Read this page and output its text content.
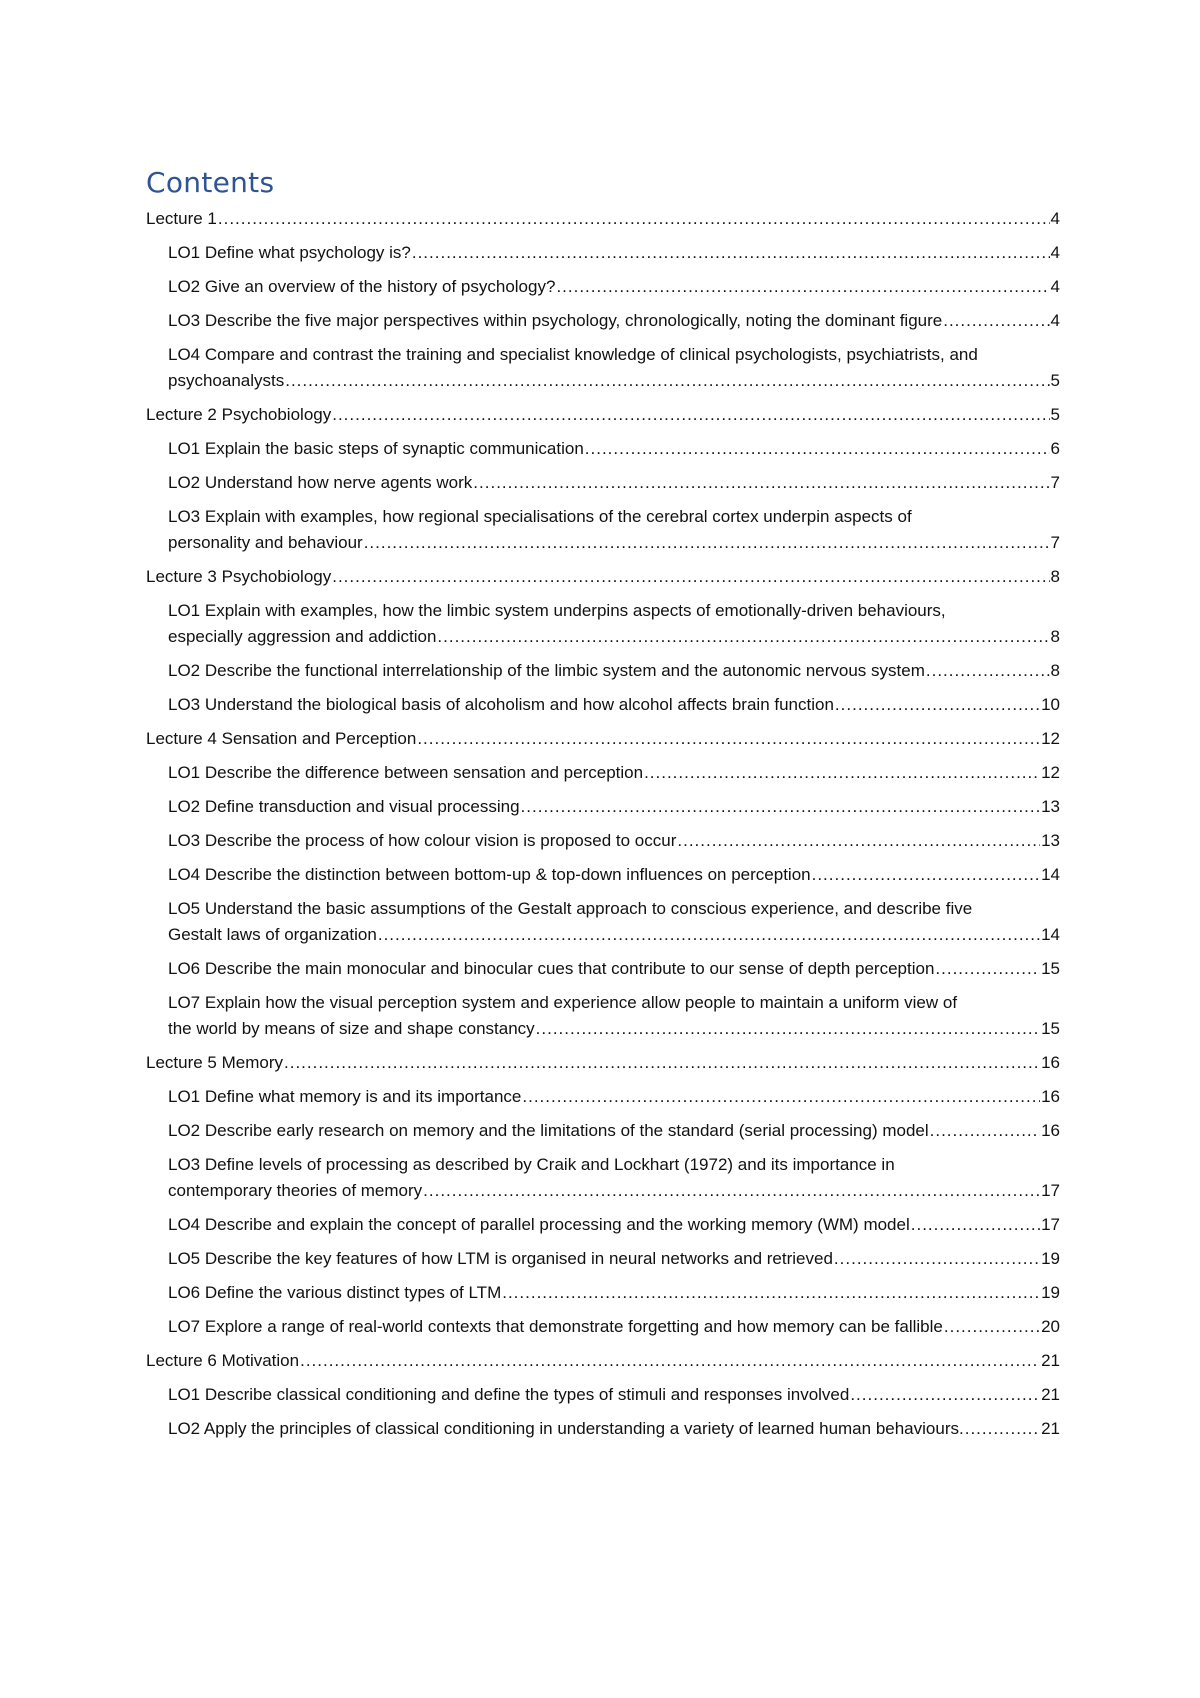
Contents
Lecture 1 .....	4
LO1 Define what psychology is? .....	4
LO2 Give an overview of the history of psychology? .....	4
LO3 Describe the five major perspectives within psychology, chronologically, noting the dominant figure .....	4
LO4 Compare and contrast the training and specialist knowledge of clinical psychologists, psychiatrists, and
psychoanalysts .....	5
Lecture 2 Psychobiology .....	5
LO1 Explain the basic steps of synaptic communication .....	6
LO2 Understand how nerve agents work .....	7
LO3 Explain with examples, how regional specialisations of the cerebral cortex underpin aspects of
personality and behaviour .....	7
Lecture 3 Psychobiology .....	8
LO1 Explain with examples, how the limbic system underpins aspects of emotionally-driven behaviours,
especially aggression and addiction .....	8
LO2 Describe the functional interrelationship of the limbic system and the autonomic nervous system .....	8
LO3 Understand the biological basis of alcoholism and how alcohol affects brain function .....	10
Lecture 4 Sensation and Perception .....	12
LO1 Describe the difference between sensation and perception .....	12
LO2 Define transduction and visual processing .....	13
LO3 Describe the process of how colour vision is proposed to occur .....	13
LO4 Describe the distinction between bottom-up & top-down influences on perception .....	14
LO5 Understand the basic assumptions of the Gestalt approach to conscious experience, and describe five
Gestalt laws of organization .....	14
LO6 Describe the main monocular and binocular cues that contribute to our sense of depth perception .....	15
LO7 Explain how the visual perception system and experience allow people to maintain a uniform view of
the world by means of size and shape constancy .....	15
Lecture 5 Memory .....	16
LO1 Define what memory is and its importance .....	16
LO2 Describe early research on memory and the limitations of the standard (serial processing) model .....	16
LO3 Define levels of processing as described by Craik and Lockhart (1972) and its importance in
contemporary theories of memory .....	17
LO4 Describe and explain the concept of parallel processing and the working memory (WM) model .....	17
LO5 Describe the key features of how LTM is organised in neural networks and retrieved .....	19
LO6 Define the various distinct types of LTM .....	19
LO7 Explore a range of real-world contexts that demonstrate forgetting and how memory can be fallible .....	20
Lecture 6 Motivation .....	21
LO1 Describe classical conditioning and define the types of stimuli and responses involved .....	21
LO2 Apply the principles of classical conditioning in understanding a variety of learned human behaviours. .....	21
